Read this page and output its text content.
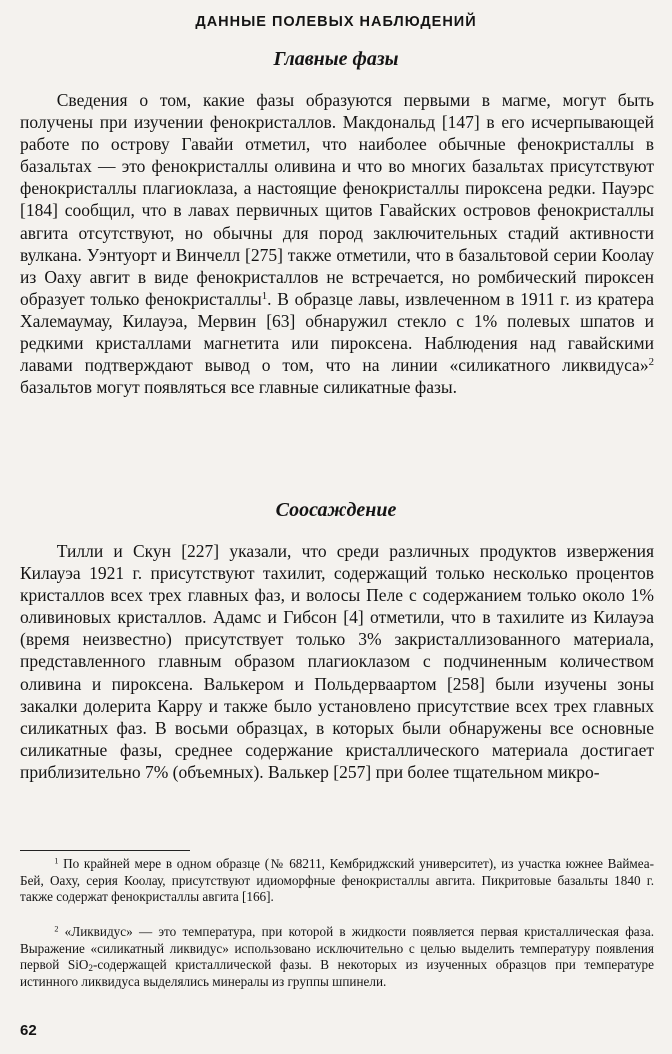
ДАННЫЕ ПОЛЕВЫХ НАБЛЮДЕНИЙ
Главные фазы

Сведения о том, какие фазы образуются первыми в магме, могут быть получены при изучении фенокристаллов. Макдональд [147] в его исчерпывающей работе по острову Гавайи отметил, что наиболее обычные фенокристаллы в базальтах — это фенокристаллы оливина и что во многих базальтах присутствуют фенокристаллы плагиоклаза, а настоящие фенокристаллы пироксена редки. Пауэрс [184] сообщил, что в лавах первичных щитов Гавайских островов фенокристаллы авгита отсутствуют, но обычны для пород заключительных стадий активности вулкана. Уэнтуорт и Винчелл [275] также отметили, что в базальтовой серии Коолау из Оаху авгит в виде фенокристаллов не встречается, но ромбический пироксен образует только фенокристаллы$^1$. В образце лавы, извлеченном в 1911 г. из кратера Халемаумау, Килауэа, Мервин [63] обнаружил стекло с 1% полевых шпатов и редкими кристаллами магнетита или пироксена. Наблюдения над гавайскими лавами подтверждают вывод о том, что на линии «силикатного ликвидуса»$^2$ базальтов могут появляться все главные силикатные фазы.

Соосаждение

Тилли и Скун [227] указали, что среди различных продуктов извержения Килауэа 1921 г. присутствуют тахилит, содержащий только несколько процентов кристаллов всех трех главных фаз, и волосы Пеле с содержанием только около 1% оливиновых кристаллов. Адамс и Гибсон [4] отметили, что в тахилите из Килауэа (время неизвестно) присутствует только 3% закристаллизованного материала, представленного главным образом плагиоклазом с подчиненным количеством оливина и пироксена. Валькером и Польдерваартом [258] были изучены зоны закалки долерита Карру и также было установлено присутствие всех трех главных силикатных фаз. В восьми образцах, в которых были обнаружены все основные силикатные фазы, среднее содержание кристаллического материала достигает приблизительно 7% (объемных). Валькер [257] при более тщательном микро-

$^1$ По крайней мере в одном образце (№ 68211, Кембриджский университет), из участка южнее Ваймеа-Бей, Оаху, серия Коолау, присутствуют идиоморфные фенокристаллы авгита. Пикритовые базальты 1840 г. также содержат фенокристаллы авгита [166].

$^2$ «Ликвидус» — это температура, при которой в жидкости появляется первая кристаллическая фаза. Выражение «силикатный ликвидус» использовано исключительно с целью выделить температуру появления первой SiO$_2$-содержащей кристаллической фазы. В некоторых из изученных образцов при температуре истинного ликвидуса выделялись минералы из группы шпинели.

62
